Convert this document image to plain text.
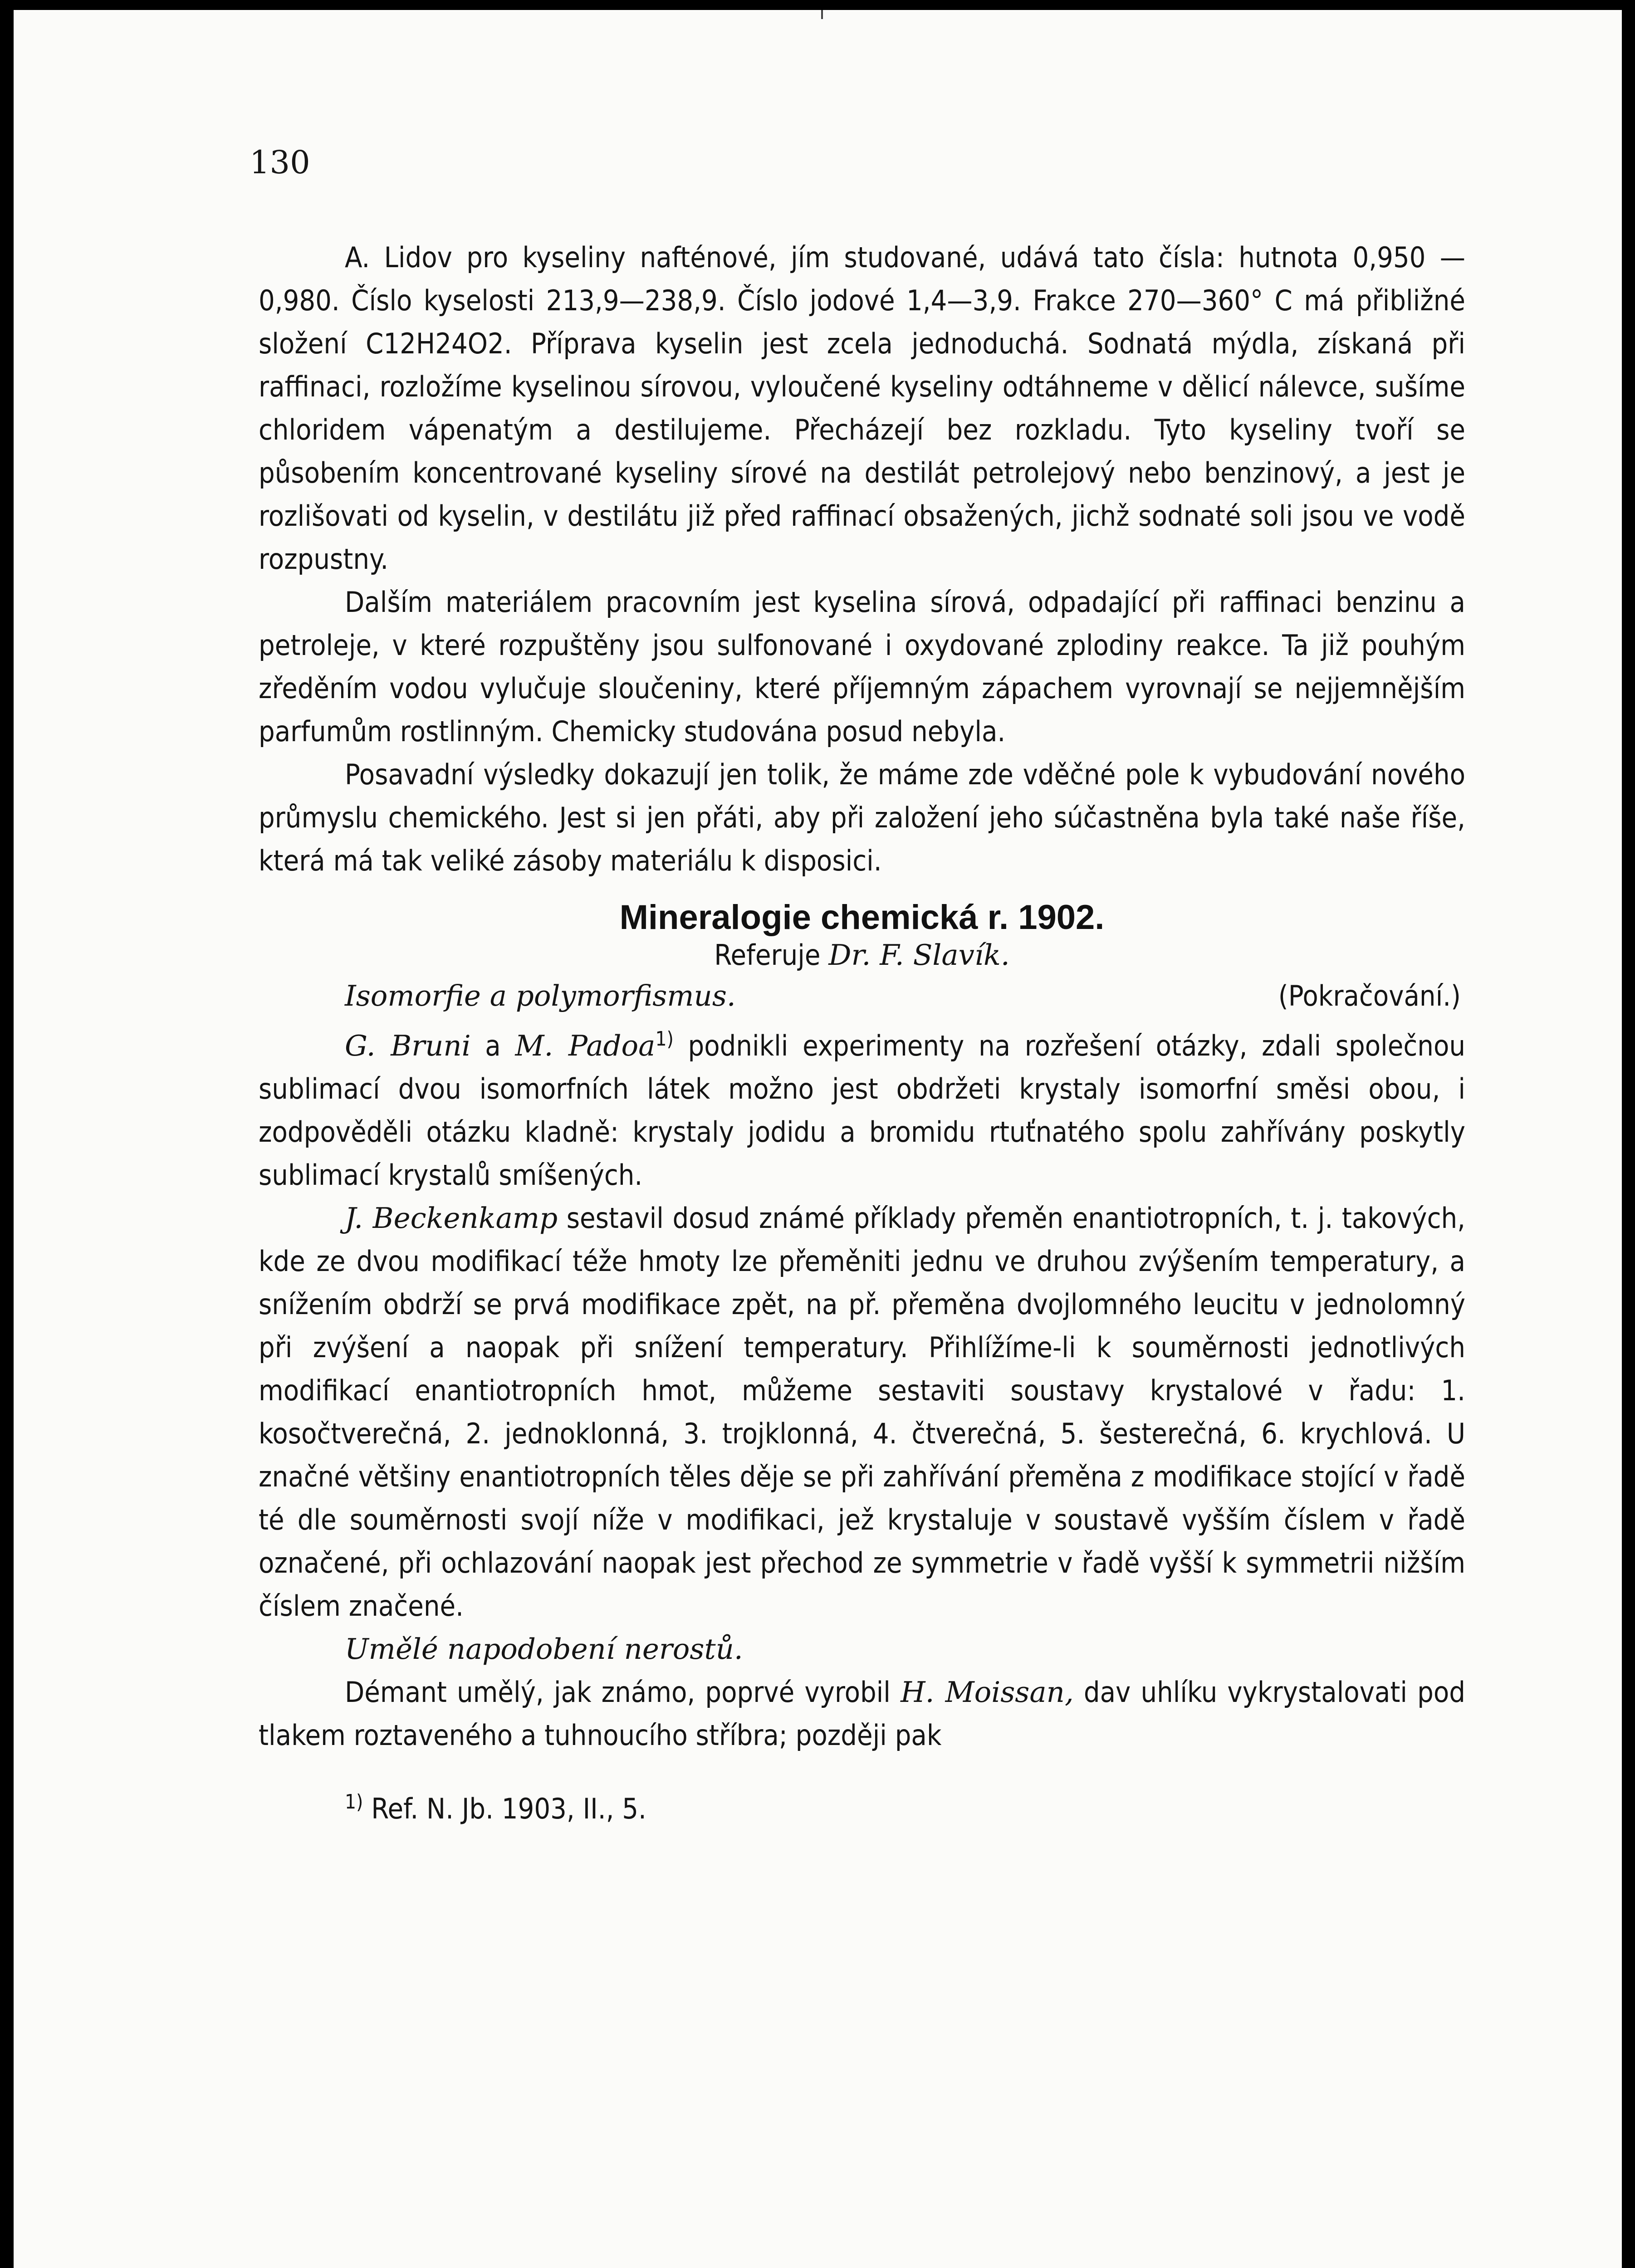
130

A. Lidov pro kyseliny nafténové, jím studované, udává tato čísla: hutnota 0,950 — 0,980. Číslo kyselosti 213,9—238,9. Číslo jodové 1,4—3,9. Frakce 270—360° C má přibližné složení C12H24O2. Příprava kyselin jest zcela jednoduchá. Sodnatá mýdla, získaná při raffinaci, rozložíme kyselinou sírovou, vyloučené kyseliny odtáhneme v dělicí nálevce, sušíme chloridem vápenatým a destilujeme. Přecházejí bez rozkladu. Tyto kyseliny tvoří se působením koncentrované kyseliny sírové na destilát petrolejový nebo benzinový, a jest je rozlišovati od kyselin, v destilátu již před raffinací obsažených, jichž sodnaté soli jsou ve vodě rozpustny.

Dalším materiálem pracovním jest kyselina sírová, odpadající při raffinaci benzinu a petroleje, v které rozpuštěny jsou sulfonované i oxydované zplodiny reakce. Ta již pouhým zředěním vodou vylučuje sloučeniny, které příjemným zápachem vyrovnají se nejjemnějším parfumům rostlinným. Chemicky studována posud nebyla.

Posavadní výsledky dokazují jen tolik, že máme zde vděčné pole k vybudování nového průmyslu chemického. Jest si jen přáti, aby při založení jeho súčastněna byla také naše říše, která má tak veliké zásoby materiálu k disposici.

Mineralogie chemická r. 1902.
Referuje Dr. F. Slavík.
Isomorfie a polymorfismus.	(Pokračování.)

G. Bruni a M. Padoa$^{1)}$ podnikli experimenty na rozřešení otázky, zdali společnou sublimací dvou isomorfních látek možno jest obdržeti krystaly isomorfní směsi obou, i zodpověděli otázku kladně: krystaly jodidu a bromidu rtuťnatého spolu zahřívány poskytly sublimací krystalů smíšených.

J. Beckenkamp sestavil dosud známé příklady přeměn enantiotropních, t. j. takových, kde ze dvou modifikací téže hmoty lze přeměniti jednu ve druhou zvýšením temperatury, a snížením obdrží se prvá modifikace zpět, na př. přeměna dvojlomného leucitu v jednolomný při zvýšení a naopak při snížení temperatury. Přihlížíme-li k souměrnosti jednotlivých modifikací enantiotropních hmot, můžeme sestaviti soustavy krystalové v řadu: 1. kosočtverečná, 2. jednoklonná, 3. trojklonná, 4. čtverečná, 5. šesterečná, 6. krychlová. U značné většiny enantiotropních těles děje se při zahřívání přeměna z modifikace stojící v řadě té dle souměrnosti svojí níže v modifikaci, jež krystaluje v soustavě vyšším číslem v řadě označené, při ochlazování naopak jest přechod ze symmetrie v řadě vyšší k symmetrii nižším číslem značené.

Umělé napodobení nerostů.

Démant umělý, jak známo, poprvé vyrobil H. Moissan, dav uhlíku vykrystalovati pod tlakem roztaveného a tuhnoucího stříbra; později pak

$^{1)}$ Ref. N. Jb. 1903, II., 5.
